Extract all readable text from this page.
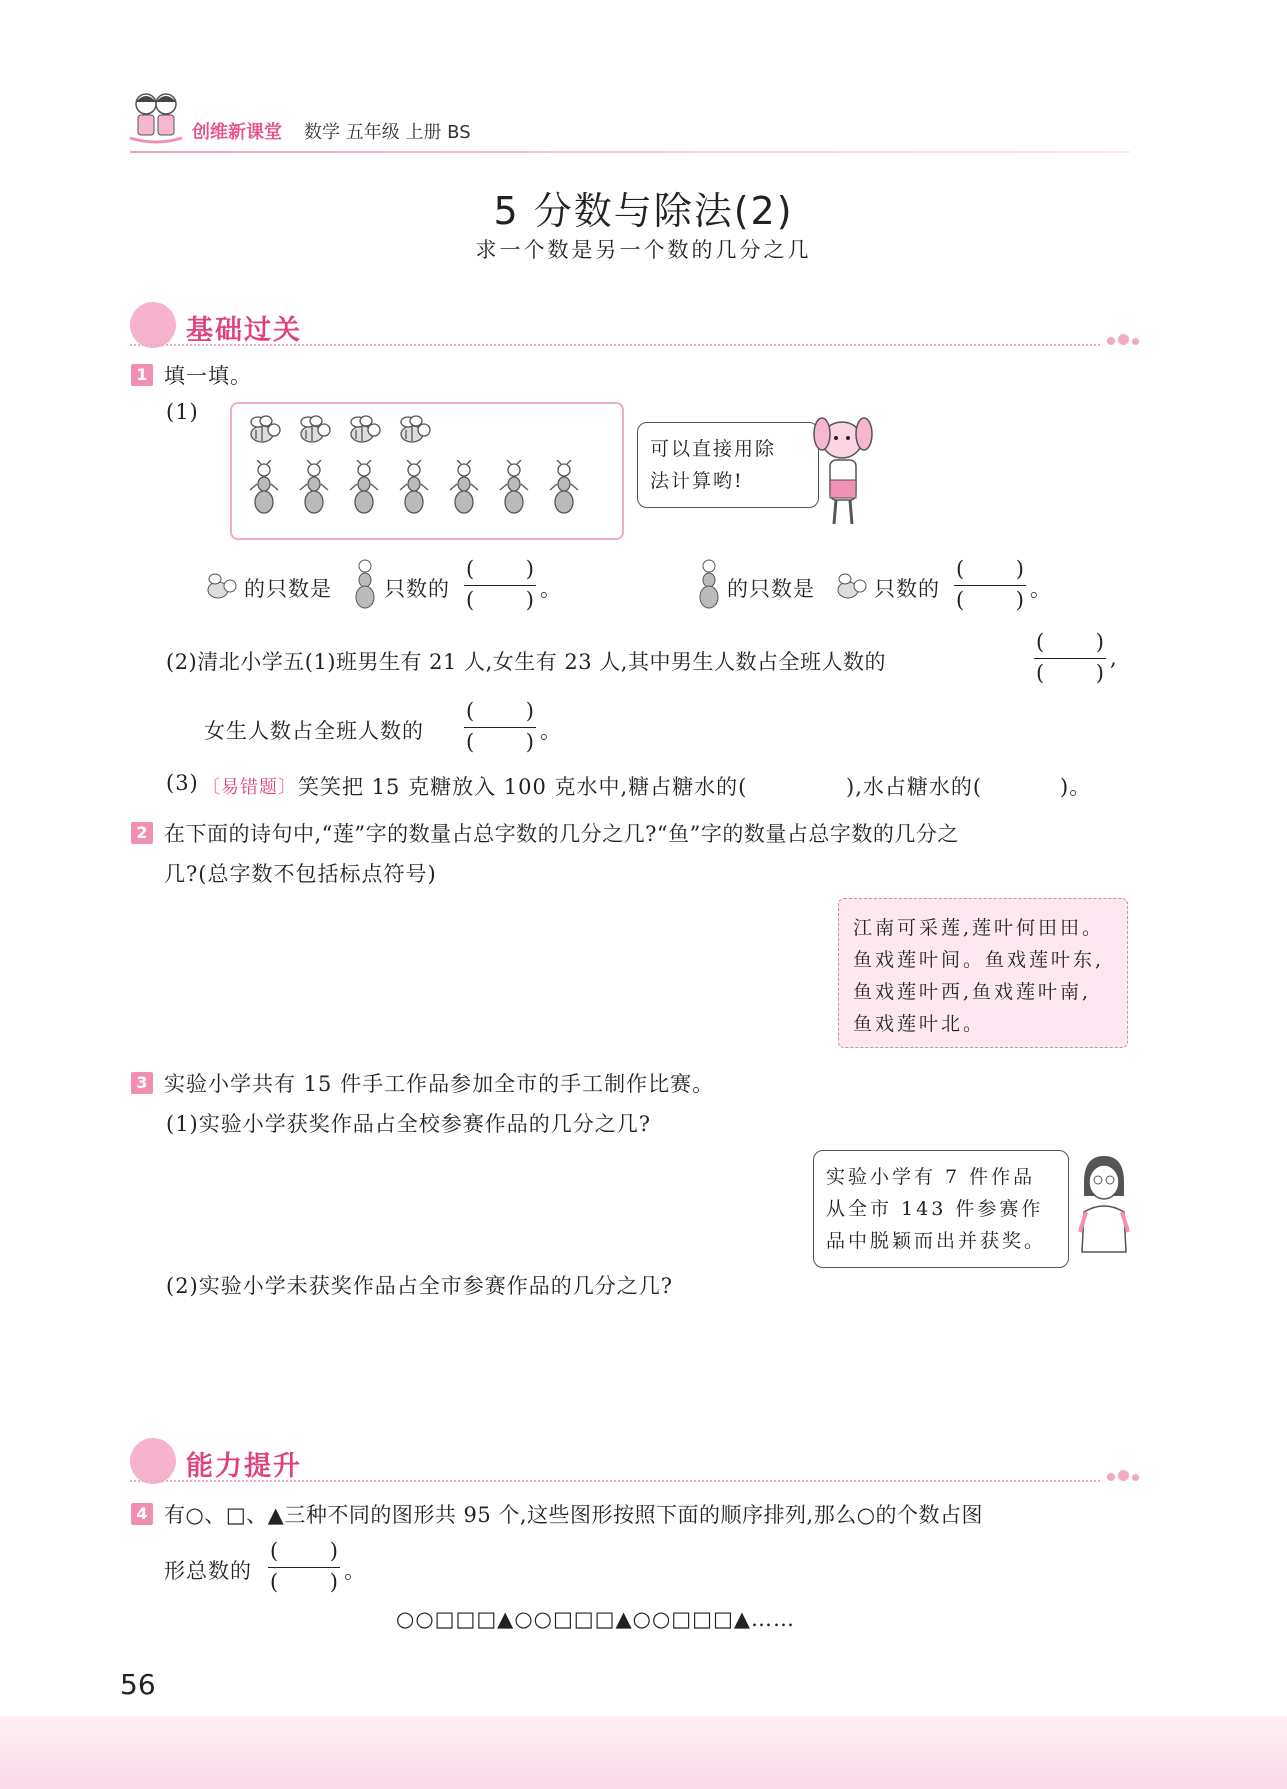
创维新课堂 数学 五年级 上册 BS
5 分数与除法(2)
求一个数是另一个数的几分之几
基础过关
1 填一填。
(1)
可以直接用除
法计算哟!
的只数是 只数的
( )
( ) 。	的只数是	只数的
( )
( ) 。
(2)清北小学五(1)班男生有 21 人,女生有 23 人,其中男生人数占全班人数的
( )
( )
,
女生人数占全班人数的
( )
( ) 。
(3) 〔易错题〕 笑笑把 15 克糖放入 100 克水中,糖占糖水的(	),水占糖水的(	)。
2 在下面的诗句中,“莲”字的数量占总字数的几分之几?“鱼”字的数量占总字数的几分之
几?(总字数不包括标点符号)
江南可采莲,莲叶何田田。
鱼戏莲叶间。鱼戏莲叶东,
鱼戏莲叶西,鱼戏莲叶南,
鱼戏莲叶北。
3 实验小学共有 15 件手工作品参加全市的手工制作比赛。
(1)实验小学获奖作品占全校参赛作品的几分之几?
实验小学有 7 件作品
从全市 143 件参赛作
品中脱颖而出并获奖。
(2)实验小学未获奖作品占全市参赛作品的几分之几?
能力提升
4 有○、□、▲三种不同的图形共 95 个,这些图形按照下面的顺序排列,那么○的个数占图
形总数的
( )
( ) 。
○○□□□▲○○□□□▲○○□□□▲……
56
